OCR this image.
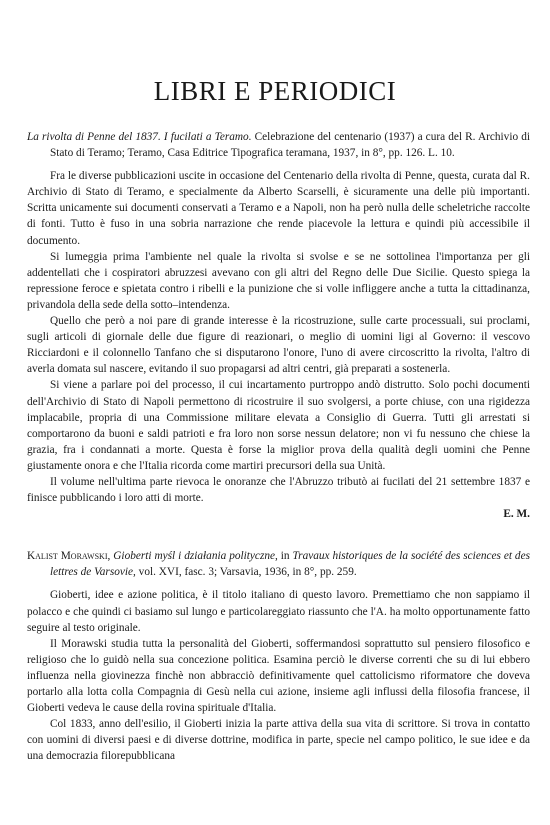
LIBRI E PERIODICI

La rivolta di Penne del 1837. I fucilati a Teramo. Celebrazione del centenario (1937) a cura del R. Archivio di Stato di Teramo; Teramo, Casa Editrice Tipografica teramana, 1937, in 8°, pp. 126. L. 10.

Fra le diverse pubblicazioni uscite in occasione del Centenario della rivolta di Penne, questa, curata dal R. Archivio di Stato di Teramo, e specialmente da Alberto Scarselli, è sicuramente una delle più importanti. Scritta unicamente sui documenti conservati a Teramo e a Napoli, non ha però nulla delle scheletriche raccolte di fonti. Tutto è fuso in una sobria narrazione che rende piacevole la lettura e quindi più accessibile il documento.

Si lumeggia prima l'ambiente nel quale la rivolta si svolse e se ne sottolinea l'importanza per gli addentellati che i cospiratori abruzzesi avevano con gli altri del Regno delle Due Sicilie. Questo spiega la repressione feroce e spietata contro i ribelli e la punizione che si volle infliggere anche a tutta la cittadinanza, privandola della sede della sotto–intendenza.

Quello che però a noi pare di grande interesse è la ricostruzione, sulle carte processuali, sui proclami, sugli articoli di giornale delle due figure di reazionari, o meglio di uomini ligi al Governo: il vescovo Ricciardoni e il colonnello Tanfano che si disputarono l'onore, l'uno di avere circoscritto la rivolta, l'altro di averla domata sul nascere, evitando il suo propagarsi ad altri centri, già preparati a sostenerla.

Si viene a parlare poi del processo, il cui incartamento purtroppo andò distrutto. Solo pochi documenti dell'Archivio di Stato di Napoli permettono di ricostruire il suo svolgersi, a porte chiuse, con una rigidezza implacabile, propria di una Commissione militare elevata a Consiglio di Guerra. Tutti gli arrestati si comportarono da buoni e saldi patrioti e fra loro non sorse nessun delatore; non vi fu nessuno che chiese la grazia, fra i condannati a morte. Questa è forse la miglior prova della qualità degli uomini che Penne giustamente onora e che l'Italia ricorda come martiri precursori della sua Unità.

Il volume nell'ultima parte rievoca le onoranze che l'Abruzzo tributò ai fucilati del 21 settembre 1837 e finisce pubblicando i loro atti di morte.

E. M.

Kalist Morawski, Gioberti myśl i działania polityczne, in Travaux historiques de la société des sciences et des lettres de Varsovie, vol. XVI, fasc. 3; Varsavia, 1936, in 8°, pp. 259.

Gioberti, idee e azione politica, è il titolo italiano di questo lavoro. Premettiamo che non sappiamo il polacco e che quindi ci basiamo sul lungo e particolareggiato riassunto che l'A. ha molto opportunamente fatto seguire al testo originale.

Il Morawski studia tutta la personalità del Gioberti, soffermandosi soprattutto sul pensiero filosofico e religioso che lo guidò nella sua concezione politica. Esamina perciò le diverse correnti che su di lui ebbero influenza nella giovinezza finchè non abbracciò definitivamente quel cattolicismo riformatore che doveva portarlo alla lotta colla Compagnia di Gesù nella cui azione, insieme agli influssi della filosofia francese, il Gioberti vedeva le cause della rovina spirituale d'Italia.

Col 1833, anno dell'esilio, il Gioberti inizia la parte attiva della sua vita di scrittore. Si trova in contatto con uomini di diversi paesi e di diverse dottrine, modifica in parte, specie nel campo politico, le sue idee e da una democrazia filorepubblicana
